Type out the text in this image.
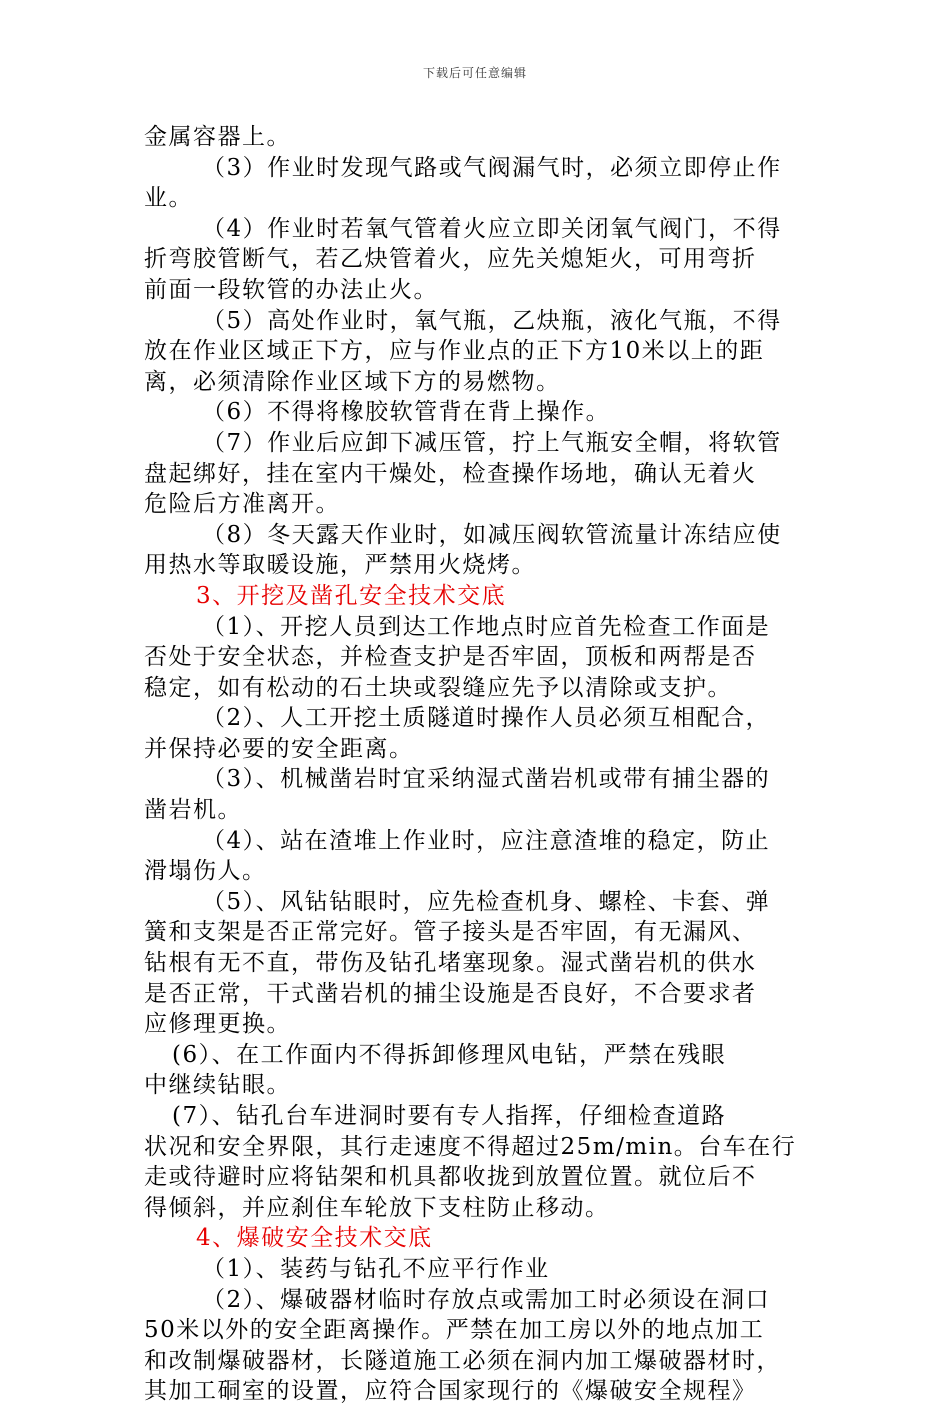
下载后可任意编辑

金属容器上。

（3）作业时发现气路或气阀漏气时，必须立即停止作

业。

（4）作业时若氧气管着火应立即关闭氧气阀门，不得

折弯胶管断气，若乙炔管着火，应先关熄矩火，可用弯折

前面一段软管的办法止火。

（5）高处作业时，氧气瓶，乙炔瓶，液化气瓶，不得

放在作业区域正下方，应与作业点的正下方10米以上的距

离，必须清除作业区域下方的易燃物。

（6）不得将橡胶软管背在背上操作。

（7）作业后应卸下减压管，拧上气瓶安全帽，将软管

盘起绑好，挂在室内干燥处，检查操作场地，确认无着火

危险后方准离开。

（8）冬天露天作业时，如减压阀软管流量计冻结应使

用热水等取暖设施，严禁用火烧烤。

3、开挖及凿孔安全技术交底

（1）、开挖人员到达工作地点时应首先检查工作面是

否处于安全状态，并检查支护是否牢固，顶板和两帮是否

稳定，如有松动的石土块或裂缝应先予以清除或支护。

（2）、人工开挖土质隧道时操作人员必须互相配合，

并保持必要的安全距离。

（3）、机械凿岩时宜采纳湿式凿岩机或带有捕尘器的

凿岩机。

（4）、站在渣堆上作业时，应注意渣堆的稳定，防止

滑塌伤人。

（5）、风钻钻眼时，应先检查机身、螺栓、卡套、弹

簧和支架是否正常完好。管子接头是否牢固，有无漏风、

钻根有无不直，带伤及钻孔堵塞现象。湿式凿岩机的供水

是否正常，干式凿岩机的捕尘设施是否良好，不合要求者

应修理更换。

(6）、在工作面内不得拆卸修理风电钻，严禁在残眼

中继续钻眼。

(7）、钻孔台车进洞时要有专人指挥，仔细检查道路

状况和安全界限，其行走速度不得超过25m/min。台车在行

走或待避时应将钻架和机具都收拢到放置位置。就位后不

得倾斜，并应刹住车轮放下支柱防止移动。

4、爆破安全技术交底

（1）、装药与钻孔不应平行作业

（2）、爆破器材临时存放点或需加工时必须设在洞口

50米以外的安全距离操作。严禁在加工房以外的地点加工

和改制爆破器材，长隧道施工必须在洞内加工爆破器材时，

其加工硐室的设置，应符合国家现行的《爆破安全规程》
